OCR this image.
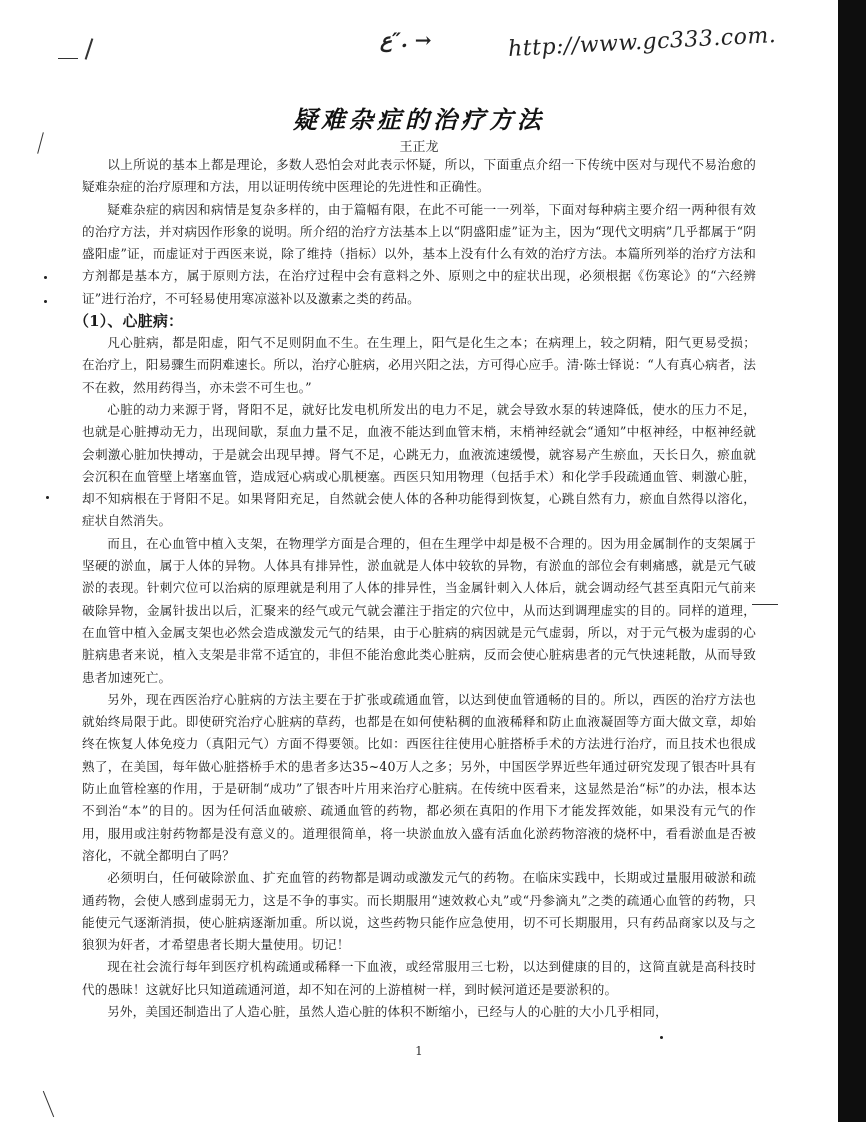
ع″. →	http://www.gc333.com.
疑难杂症的治疗方法
王正龙

以上所说的基本上都是理论，多数人恐怕会对此表示怀疑，所以，下面重点介绍一下传统中医对与现代不易治愈的疑难杂症的治疗原理和方法，用以证明传统中医理论的先进性和正确性。

疑难杂症的病因和病情是复杂多样的，由于篇幅有限，在此不可能一一列举，下面对每种病主要介绍一两种很有效的治疗方法，并对病因作形象的说明。所介绍的治疗方法基本上以“阴盛阳虚”证为主，因为“现代文明病”几乎都属于“阴盛阳虚”证，而虚证对于西医来说，除了维持（指标）以外，基本上没有什么有效的治疗方法。本篇所列举的治疗方法和方剂都是基本方，属于原则方法，在治疗过程中会有意料之外、原则之中的症状出现，必须根据《伤寒论》的“六经辨证”进行治疗，不可轻易使用寒凉滋补以及激素之类的药品。

（1）、心脏病：

凡心脏病，都是阳虚，阳气不足则阴血不生。在生理上，阳气是化生之本；在病理上，较之阴精，阳气更易受损；在治疗上，阳易骤生而阴难速长。所以，治疗心脏病，必用兴阳之法，方可得心应手。清·陈士铎说：“人有真心病者，法不在救，然用药得当，亦未尝不可生也。”

心脏的动力来源于肾，肾阳不足，就好比发电机所发出的电力不足，就会导致水泵的转速降低，使水的压力不足，也就是心脏搏动无力，出现间歇，泵血力量不足，血液不能达到血管末梢，末梢神经就会“通知”中枢神经，中枢神经就会刺激心脏加快搏动，于是就会出现早搏。肾气不足，心跳无力，血液流速缓慢，就容易产生瘀血，天长日久，瘀血就会沉积在血管壁上堵塞血管，造成冠心病或心肌梗塞。西医只知用物理（包括手术）和化学手段疏通血管、刺激心脏，却不知病根在于肾阳不足。如果肾阳充足，自然就会使人体的各种功能得到恢复，心跳自然有力，瘀血自然得以溶化，症状自然消失。

而且，在心血管中植入支架，在物理学方面是合理的，但在生理学中却是极不合理的。因为用金属制作的支架属于坚硬的淤血，属于人体的异物。人体具有排异性，淤血就是人体中较软的异物，有淤血的部位会有刺痛感，就是元气破淤的表现。针刺穴位可以治病的原理就是利用了人体的排异性，当金属针刺入人体后，就会调动经气甚至真阳元气前来破除异物，金属针拔出以后，汇聚来的经气或元气就会灌注于指定的穴位中，从而达到调理虚实的目的。同样的道理，在血管中植入金属支架也必然会造成激发元气的结果，由于心脏病的病因就是元气虚弱，所以，对于元气极为虚弱的心脏病患者来说，植入支架是非常不适宜的，非但不能治愈此类心脏病，反而会使心脏病患者的元气快速耗散，从而导致患者加速死亡。

另外，现在西医治疗心脏病的方法主要在于扩张或疏通血管，以达到使血管通畅的目的。所以，西医的治疗方法也就始终局限于此。即使研究治疗心脏病的草药，也都是在如何使粘稠的血液稀释和防止血液凝固等方面大做文章，却始终在恢复人体免疫力（真阳元气）方面不得要领。比如：西医往往使用心脏搭桥手术的方法进行治疗，而且技术也很成熟了，在美国，每年做心脏搭桥手术的患者多达35~40万人之多；另外，中国医学界近些年通过研究发现了银杏叶具有防止血管栓塞的作用，于是研制“成功”了银杏叶片用来治疗心脏病。在传统中医看来，这显然是治“标”的办法，根本达不到治“本”的目的。因为任何活血破瘀、疏通血管的药物，都必须在真阳的作用下才能发挥效能，如果没有元气的作用，服用或注射药物都是没有意义的。道理很简单，将一块淤血放入盛有活血化淤药物溶液的烧杯中，看看淤血是否被溶化，不就全都明白了吗？

必须明白，任何破除淤血、扩充血管的药物都是调动或激发元气的药物。在临床实践中，长期或过量服用破淤和疏通药物，会使人感到虚弱无力，这是不争的事实。而长期服用“速效救心丸”或“丹参滴丸”之类的疏通心血管的药物，只能使元气逐渐消损，使心脏病逐渐加重。所以说，这些药物只能作应急使用，切不可长期服用，只有药品商家以及与之狼狈为奸者，才希望患者长期大量使用。切记！

现在社会流行每年到医疗机构疏通或稀释一下血液，或经常服用三七粉，以达到健康的目的，这简直就是高科技时代的愚昧！这就好比只知道疏通河道，却不知在河的上游植树一样，到时候河道还是要淤积的。

另外，美国还制造出了人造心脏，虽然人造心脏的体积不断缩小，已经与人的心脏的大小几乎相同，

1
